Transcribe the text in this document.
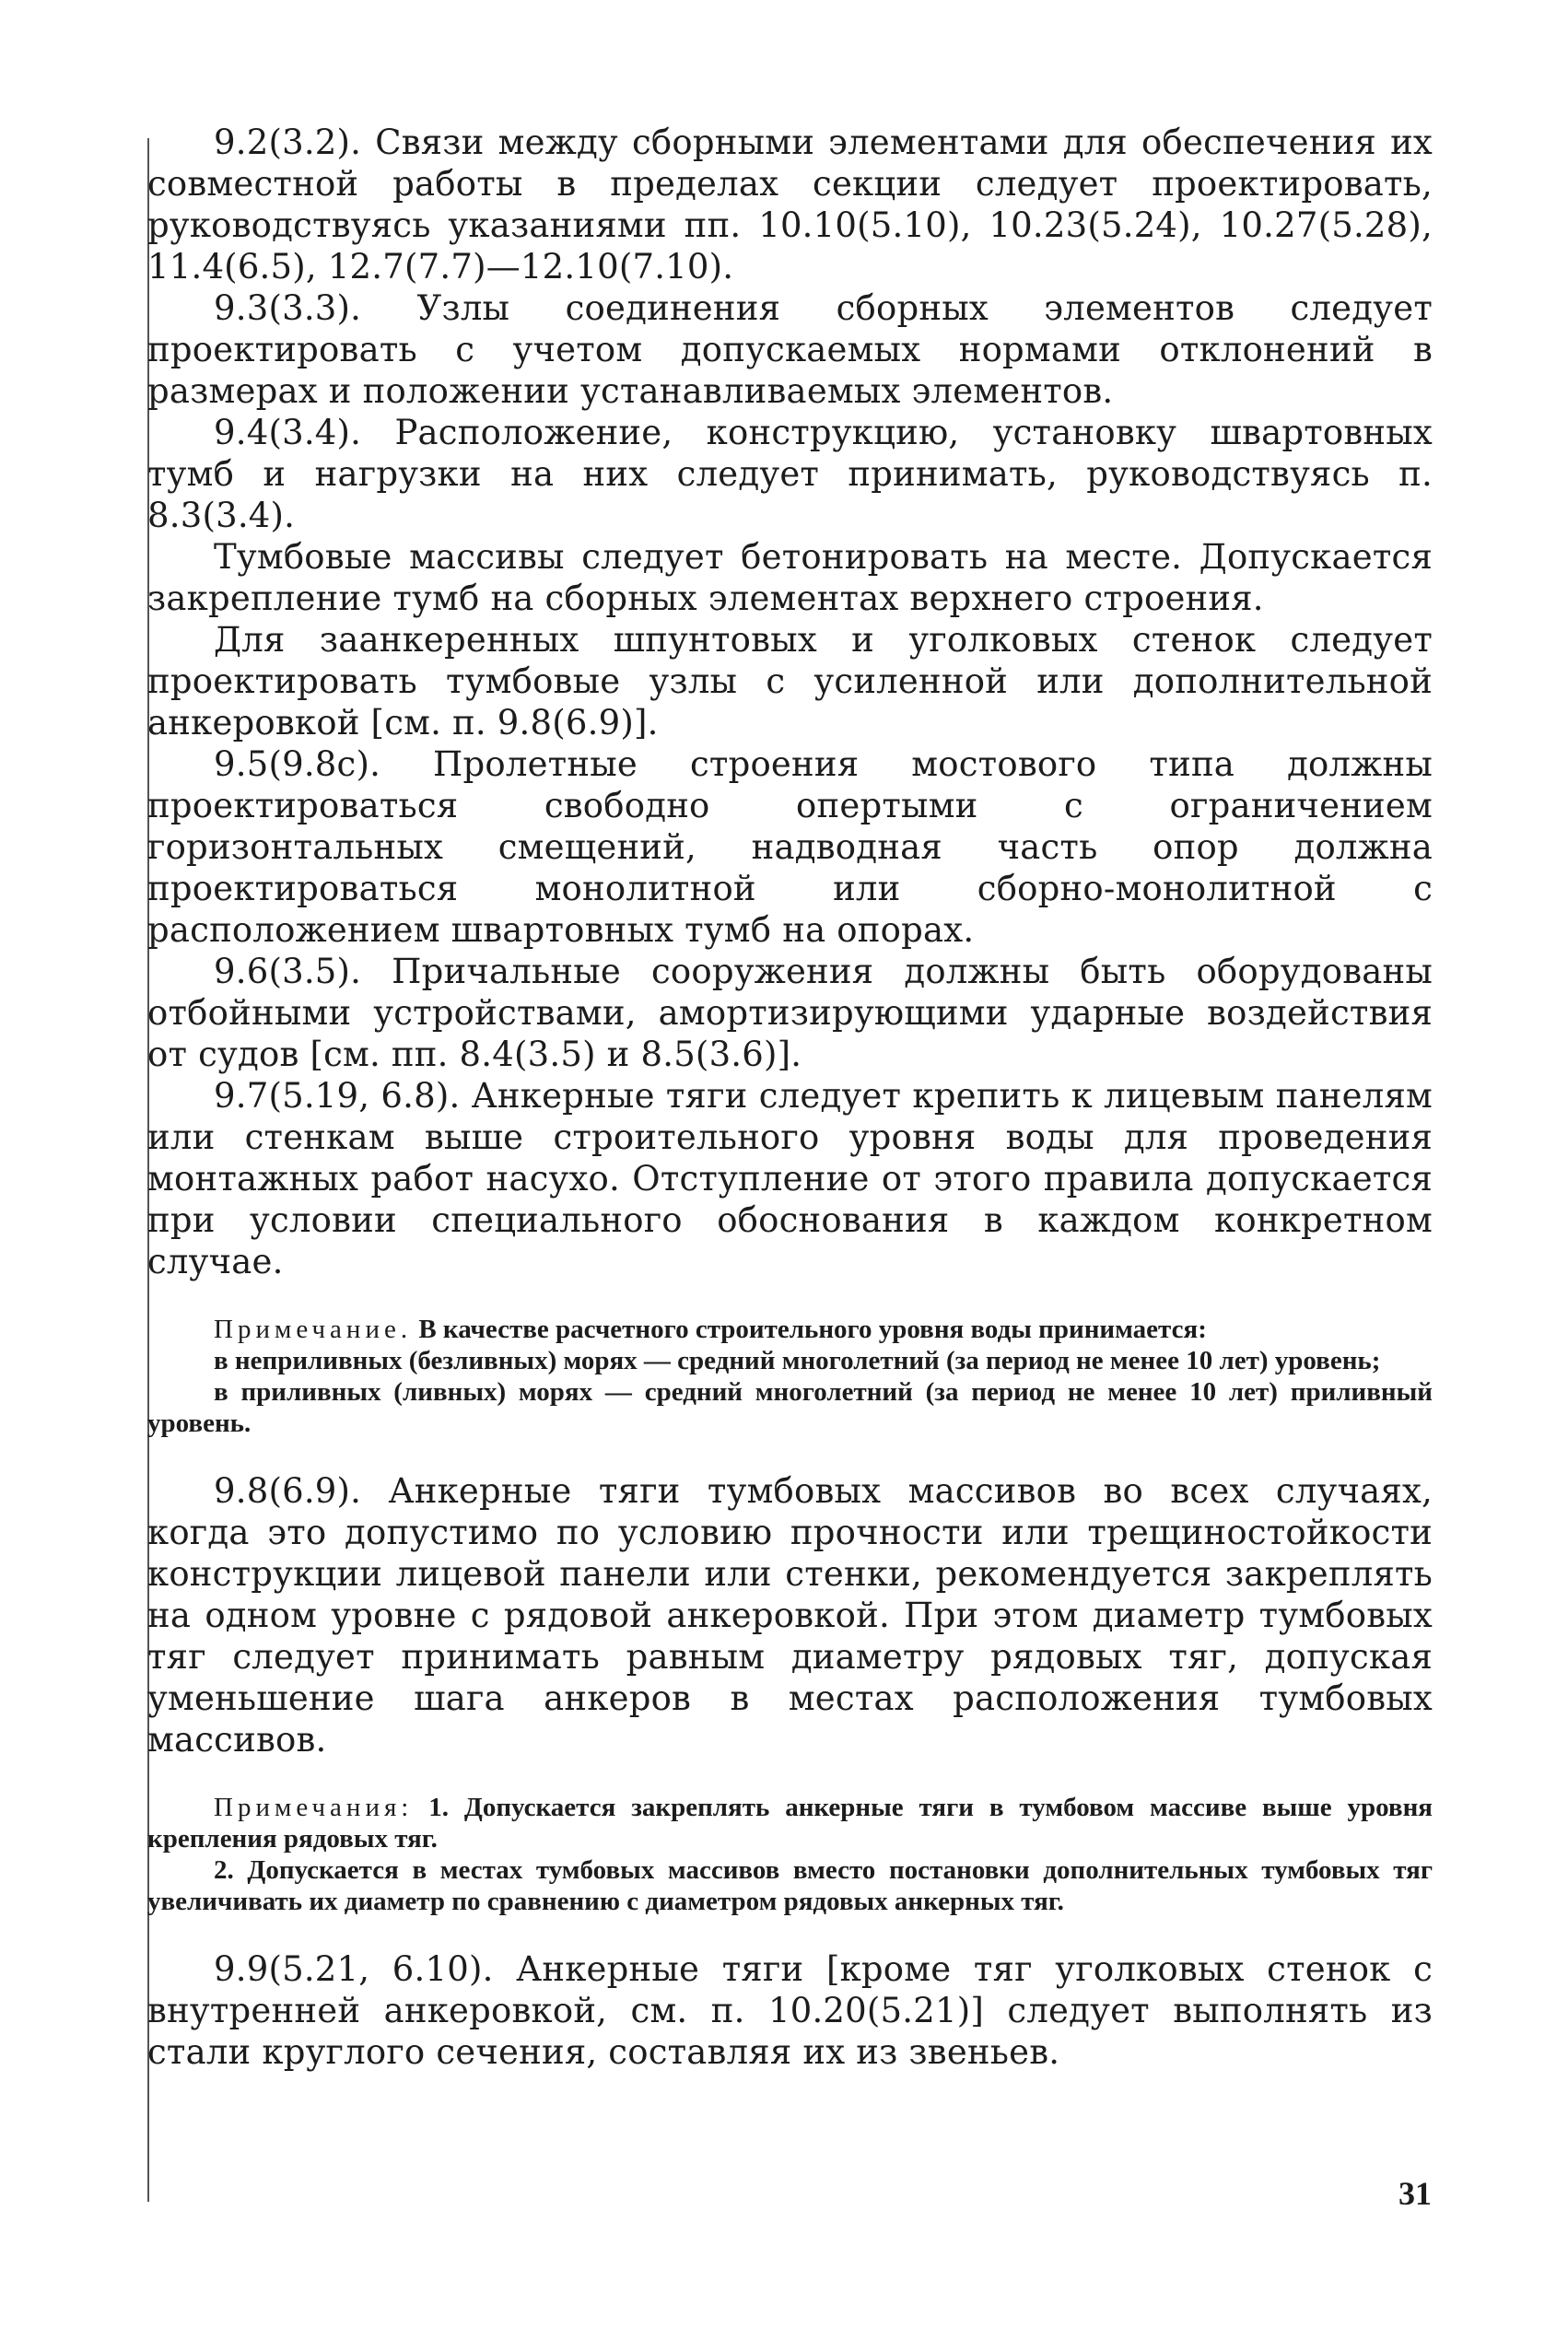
9.2(3.2). Связи между сборными элементами для обеспечения их совместной работы в пределах секции следует проектировать, руководствуясь указаниями пп. 10.10(5.10), 10.23(5.24), 10.27(5.28), 11.4(6.5), 12.7(7.7)—12.10(7.10).

9.3(3.3). Узлы соединения сборных элементов следует проектировать с учетом допускаемых нормами отклонений в размерах и положении устанавливаемых элементов.

9.4(3.4). Расположение, конструкцию, установку швартовных тумб и нагрузки на них следует принимать, руководствуясь п. 8.3(3.4).

Тумбовые массивы следует бетонировать на месте. Допускается закрепление тумб на сборных элементах верхнего строения.

Для заанкеренных шпунтовых и уголковых стенок следует проектировать тумбовые узлы с усиленной или дополнительной анкеровкой [см. п. 9.8(6.9)].

9.5(9.8с). Пролетные строения мостового типа должны проектироваться свободно опертыми с ограничением горизонтальных смещений, надводная часть опор должна проектироваться монолитной или сборно-монолитной с расположением швартовных тумб на опорах.

9.6(3.5). Причальные сооружения должны быть оборудованы отбойными устройствами, амортизирующими ударные воздействия от судов [см. пп. 8.4(3.5) и 8.5(3.6)].

9.7(5.19, 6.8). Анкерные тяги следует крепить к лицевым панелям или стенкам выше строительного уровня воды для проведения монтажных работ насухо. Отступление от этого правила допускается при условии специального обоснования в каждом конкретном случае.

Примечание. В качестве расчетного строительного уровня воды принимается:

в неприливных (безливных) морях — средний многолетний (за период не менее 10 лет) уровень;

в приливных (ливных) морях — средний многолетний (за период не менее 10 лет) приливный уровень.

9.8(6.9). Анкерные тяги тумбовых массивов во всех случаях, когда это допустимо по условию прочности или трещиностойкости конструкции лицевой панели или стенки, рекомендуется закреплять на одном уровне с рядовой анкеровкой. При этом диаметр тумбовых тяг следует принимать равным диаметру рядовых тяг, допуская уменьшение шага анкеров в местах расположения тумбовых массивов.

Примечания: 1. Допускается закреплять анкерные тяги в тумбовом массиве выше уровня крепления рядовых тяг.

2. Допускается в местах тумбовых массивов вместо постановки дополнительных тумбовых тяг увеличивать их диаметр по сравнению с диаметром рядовых анкерных тяг.

9.9(5.21, 6.10). Анкерные тяги [кроме тяг уголковых стенок с внутренней анкеровкой, см. п. 10.20(5.21)] следует выполнять из стали круглого сечения, составляя их из звеньев.

31
